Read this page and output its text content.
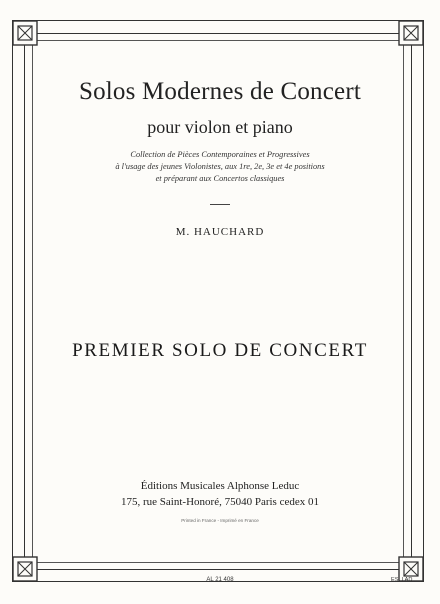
Solos Modernes de Concert
pour violon et piano
Collection de Pièces Contemporaines et Progressives
à l'usage des jeunes Violonistes, aux 1re, 2e, 3e et 4e positions
et préparant aux Concertos classiques
M. HAUCHARD
PREMIER SOLO DE CONCERT
Éditions Musicales Alphonse Leduc
175, rue Saint-Honoré, 75040 Paris cedex 01
Printed in France - Imprimé en France
AL 21 408	ES. LAD
